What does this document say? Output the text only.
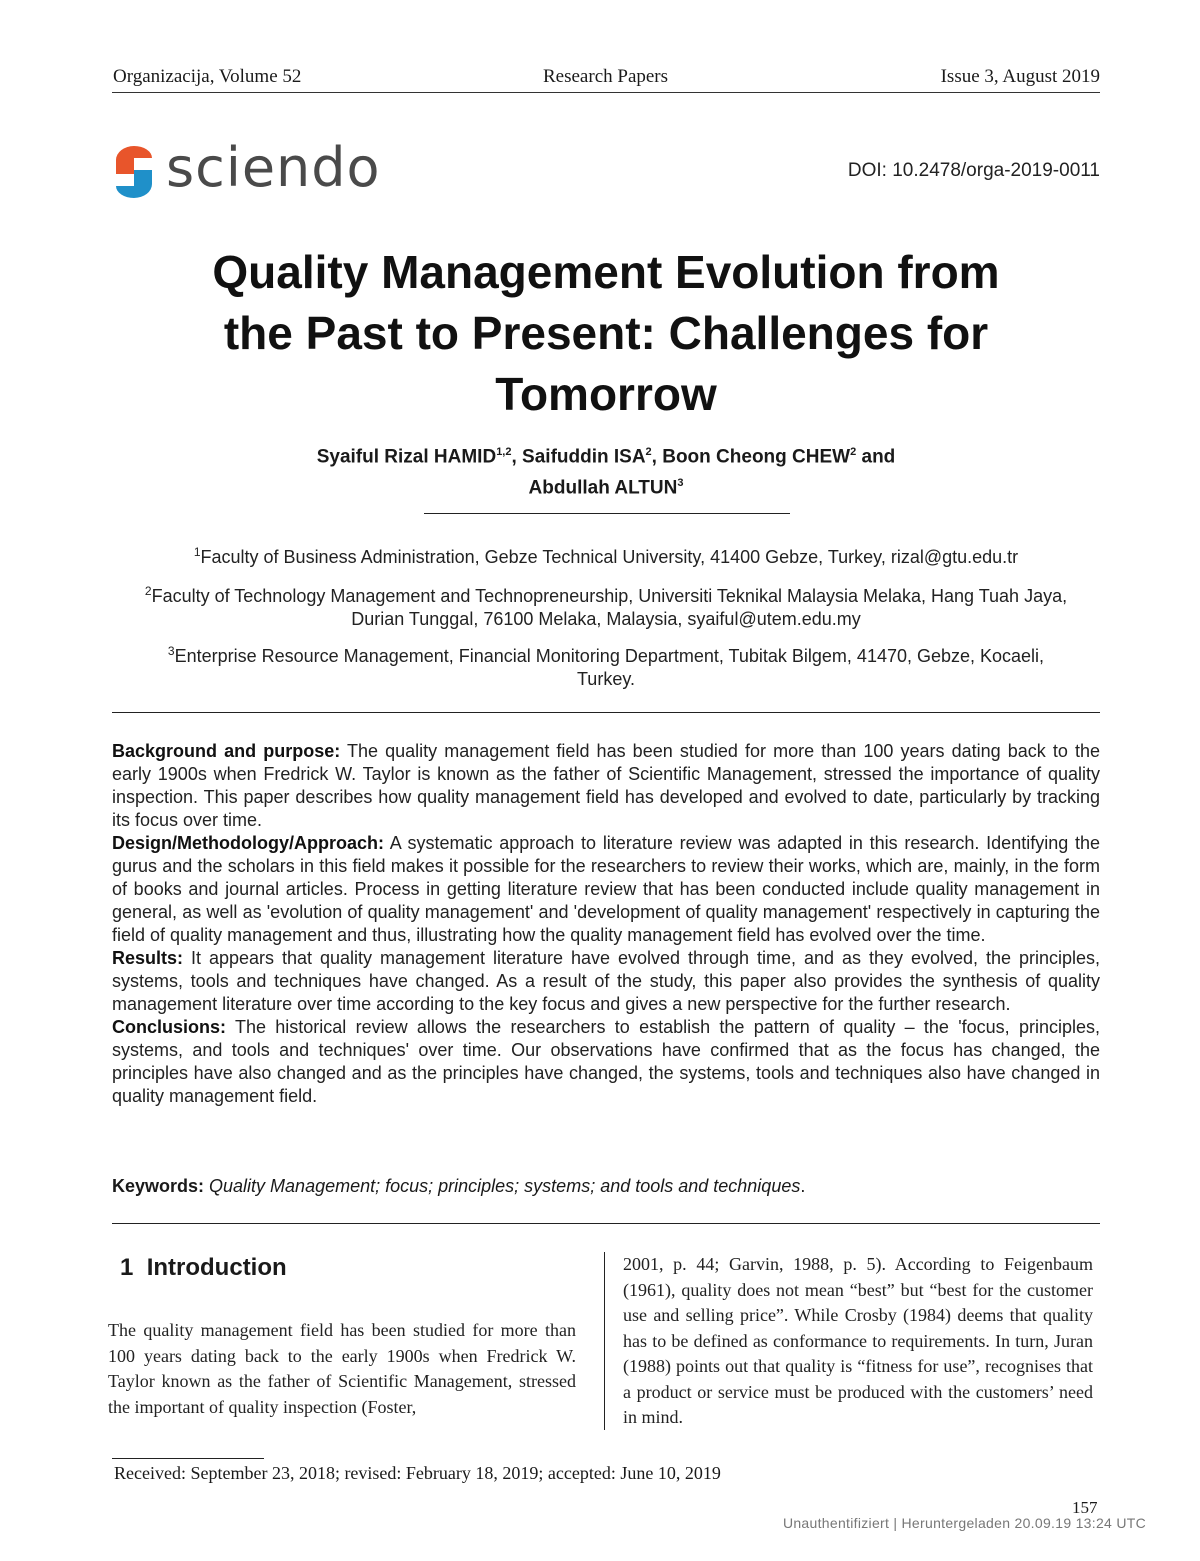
Organizacija, Volume 52	Research Papers	Issue 3, August 2019
sciendo	DOI: 10.2478/orga-2019-0011
Quality Management Evolution from
the Past to Present: Challenges for
Tomorrow
Syaiful Rizal HAMID$^{1,2}$, Saifuddin ISA$^2$, Boon Cheong CHEW$^2$ and
Abdullah ALTUN$^3$
$^1$Faculty of Business Administration, Gebze Technical University, 41400 Gebze, Turkey, rizal@gtu.edu.tr
$^2$Faculty of Technology Management and Technopreneurship, Universiti Teknikal Malaysia Melaka, Hang Tuah Jaya,
Durian Tunggal, 76100 Melaka, Malaysia, syaiful@utem.edu.my
$^3$Enterprise Resource Management, Financial Monitoring Department, Tubitak Bilgem, 41470, Gebze, Kocaeli,
Turkey.

Background and purpose: The quality management field has been studied for more than 100 years dating back to the early 1900s when Fredrick W. Taylor is known as the father of Scientific Management, stressed the importance of quality inspection. This paper describes how quality management field has developed and evolved to date, particularly by tracking its focus over time.

Design/Methodology/Approach: A systematic approach to literature review was adapted in this research. Identifying the gurus and the scholars in this field makes it possible for the researchers to review their works, which are, mainly, in the form of books and journal articles. Process in getting literature review that has been conducted include quality management in general, as well as 'evolution of quality management' and 'development of quality management' respectively in capturing the field of quality management and thus, illustrating how the quality management field has evolved over the time.

Results: It appears that quality management literature have evolved through time, and as they evolved, the principles, systems, tools and techniques have changed. As a result of the study, this paper also provides the synthesis of quality management literature over time according to the key focus and gives a new perspective for the further research.

Conclusions: The historical review allows the researchers to establish the pattern of quality – the 'focus, principles, systems, and tools and techniques' over time. Our observations have confirmed that as the focus has changed, the principles have also changed and as the principles have changed, the systems, tools and techniques also have changed in quality management field.

Keywords: Quality Management; focus; principles; systems; and tools and techniques.
1 Introduction
The quality management field has been studied for more than 100 years dating back to the early 1900s when Fredrick W. Taylor known as the father of Scientific Management, stressed the important of quality inspection (Foster,
2001, p. 44; Garvin, 1988, p. 5). According to Feigenbaum (1961), quality does not mean “best” but “best for the customer use and selling price”. While Crosby (1984) deems that quality has to be defined as conformance to requirements. In turn, Juran (1988) points out that quality is “fitness for use”, recognises that a product or service must be produced with the customers’ need in mind.
Received: September 23, 2018; revised: February 18, 2019; accepted: June 10, 2019
157
Unauthentifiziert | Heruntergeladen 20.09.19 13:24 UTC
